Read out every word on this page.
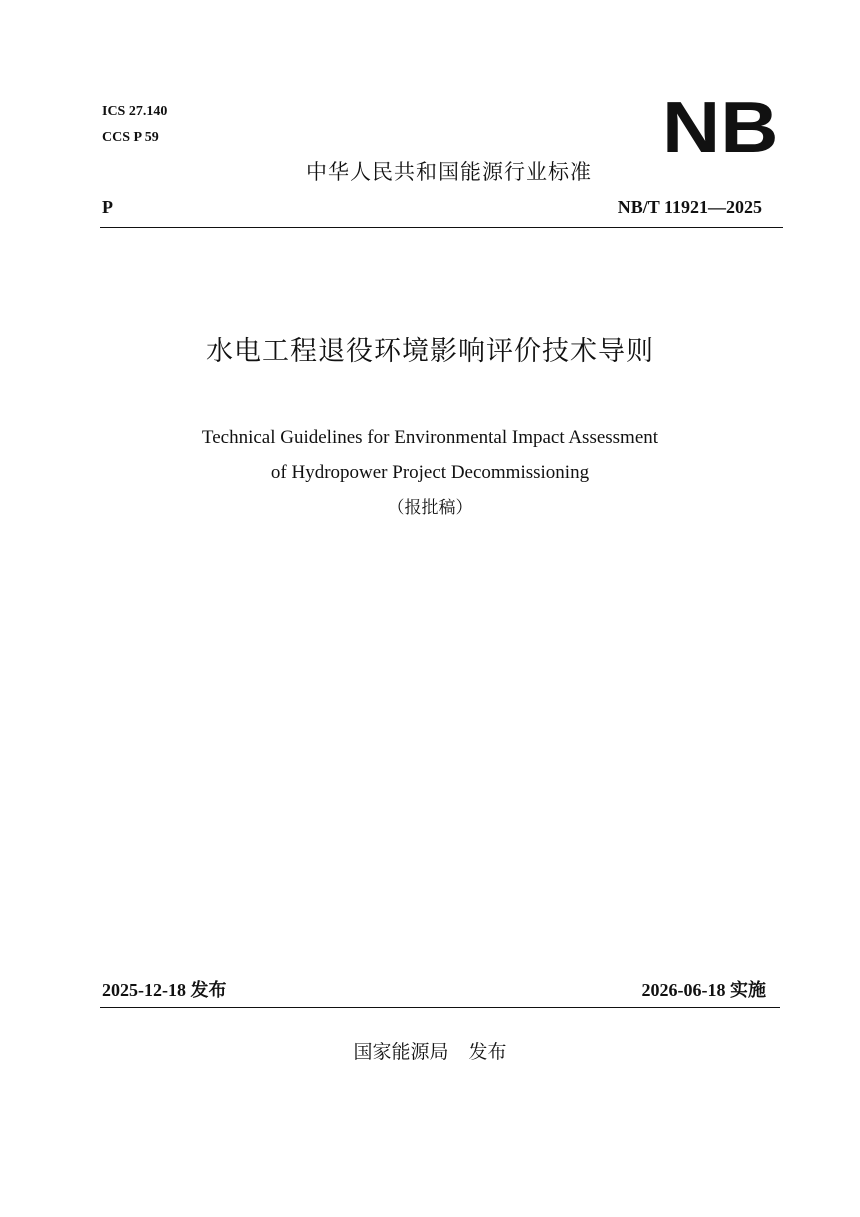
ICS 27.140
CCS P 59	NB
中华人民共和国能源行业标准
P	NB/T 11921—2025
水电工程退役环境影响评价技术导则
Technical Guidelines for Environmental Impact Assessment
of Hydropower Project Decommissioning
（报批稿）
2025-12-18 发布	2026-06-18 实施
国家能源局 发布
